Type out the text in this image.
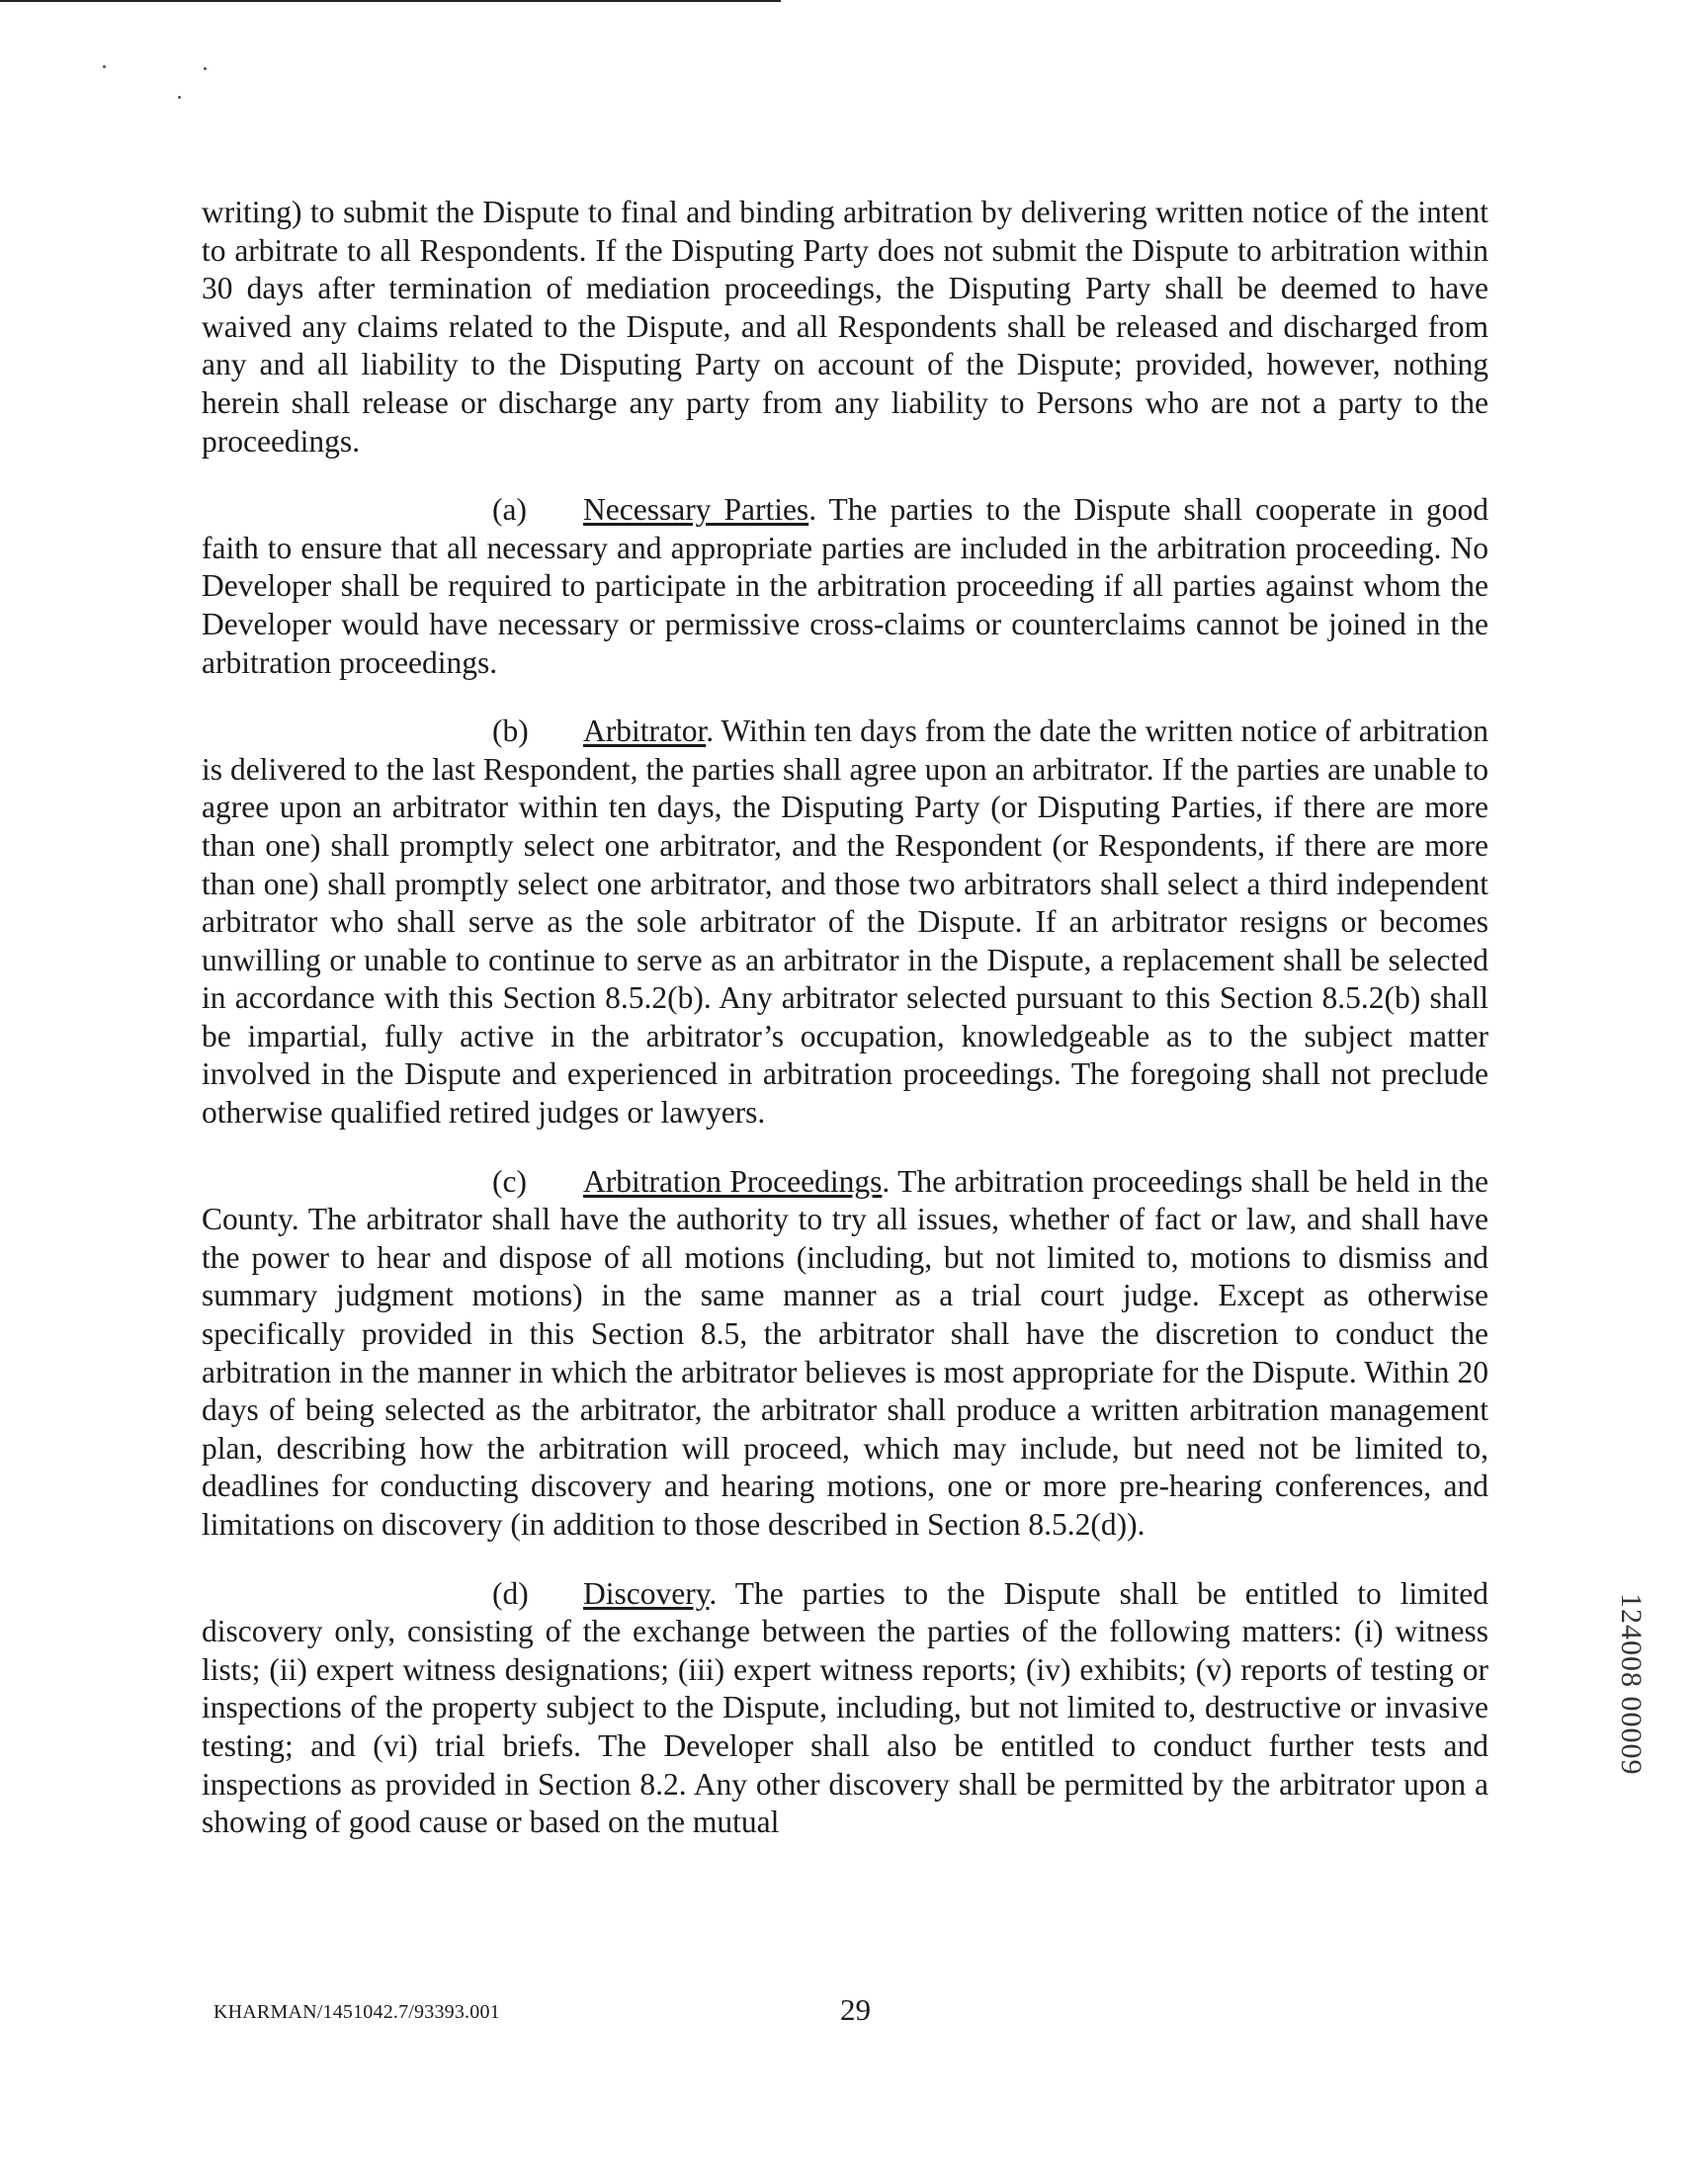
writing) to submit the Dispute to final and binding arbitration by delivering written notice of the intent to arbitrate to all Respondents. If the Disputing Party does not submit the Dispute to arbitration within 30 days after termination of mediation proceedings, the Disputing Party shall be deemed to have waived any claims related to the Dispute, and all Respondents shall be released and discharged from any and all liability to the Disputing Party on account of the Dispute; provided, however, nothing herein shall release or discharge any party from any liability to Persons who are not a party to the proceedings.

(a) Necessary Parties. The parties to the Dispute shall cooperate in good faith to ensure that all necessary and appropriate parties are included in the arbitration proceeding. No Developer shall be required to participate in the arbitration proceeding if all parties against whom the Developer would have necessary or permissive cross-claims or counterclaims cannot be joined in the arbitration proceedings.

(b) Arbitrator. Within ten days from the date the written notice of arbitration is delivered to the last Respondent, the parties shall agree upon an arbitrator. If the parties are unable to agree upon an arbitrator within ten days, the Disputing Party (or Disputing Parties, if there are more than one) shall promptly select one arbitrator, and the Respondent (or Respondents, if there are more than one) shall promptly select one arbitrator, and those two arbitrators shall select a third independent arbitrator who shall serve as the sole arbitrator of the Dispute. If an arbitrator resigns or becomes unwilling or unable to continue to serve as an arbitrator in the Dispute, a replacement shall be selected in accordance with this Section 8.5.2(b). Any arbitrator selected pursuant to this Section 8.5.2(b) shall be impartial, fully active in the arbitrator’s occupation, knowledgeable as to the subject matter involved in the Dispute and experienced in arbitration proceedings. The foregoing shall not preclude otherwise qualified retired judges or lawyers.

(c) Arbitration Proceedings. The arbitration proceedings shall be held in the County. The arbitrator shall have the authority to try all issues, whether of fact or law, and shall have the power to hear and dispose of all motions (including, but not limited to, motions to dismiss and summary judgment motions) in the same manner as a trial court judge. Except as otherwise specifically provided in this Section 8.5, the arbitrator shall have the discretion to conduct the arbitration in the manner in which the arbitrator believes is most appropriate for the Dispute. Within 20 days of being selected as the arbitrator, the arbitrator shall produce a written arbitration management plan, describing how the arbitration will proceed, which may include, but need not be limited to, deadlines for conducting discovery and hearing motions, one or more pre-hearing conferences, and limitations on discovery (in addition to those described in Section 8.5.2(d)).

(d) Discovery. The parties to the Dispute shall be entitled to limited discovery only, consisting of the exchange between the parties of the following matters: (i) witness lists; (ii) expert witness designations; (iii) expert witness reports; (iv) exhibits; (v) reports of testing or inspections of the property subject to the Dispute, including, but not limited to, destructive or invasive testing; and (vi) trial briefs. The Developer shall also be entitled to conduct further tests and inspections as provided in Section 8.2. Any other discovery shall be permitted by the arbitrator upon a showing of good cause or based on the mutual

KHARMAN/1451042.7/93393.001	29
124008 00009
